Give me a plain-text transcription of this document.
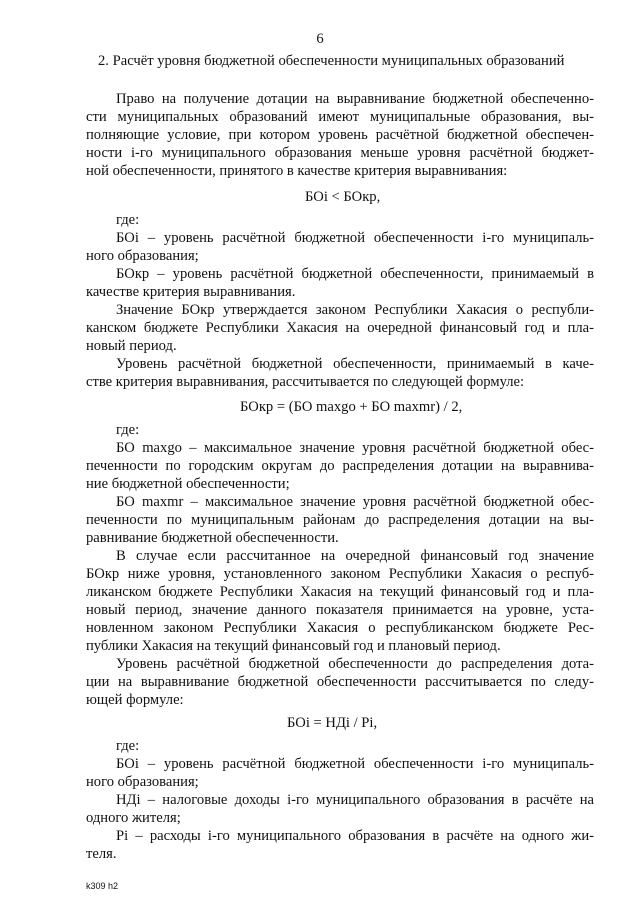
6
2. Расчёт уровня бюджетной обеспеченности муниципальных образований
Право на получение дотации на выравнивание бюджетной обеспеченно-
сти муниципальных образований имеют муниципальные образования, вы-
полняющие условие, при котором уровень расчётной бюджетной обеспечен-
ности i-го муниципального образования меньше уровня расчётной бюджет-
ной обеспеченности, принятого в качестве критерия выравнивания:
БОi < БОкр,
где:
БОi – уровень расчётной бюджетной обеспеченности i-го муниципаль-
ного образования;
БОкр – уровень расчётной бюджетной обеспеченности, принимаемый в
качестве критерия выравнивания.
Значение БОкр утверждается законом Республики Хакасия о республи-
канском бюджете Республики Хакасия на очередной финансовый год и пла-
новый период.
Уровень расчётной бюджетной обеспеченности, принимаемый в каче-
стве критерия выравнивания, рассчитывается по следующей формуле:
БОкр = (БО maxgo + БО maxmr) / 2,
где:
БО maxgo – максимальное значение уровня расчётной бюджетной обес-
печенности по городским округам до распределения дотации на выравнива-
ние бюджетной обеспеченности;
БО maxmr – максимальное значение уровня расчётной бюджетной обес-
печенности по муниципальным районам до распределения дотации на вы-
равнивание бюджетной обеспеченности.
В случае если рассчитанное на очередной финансовый год значение
БОкр ниже уровня, установленного законом Республики Хакасия о респуб-
ликанском бюджете Республики Хакасия на текущий финансовый год и пла-
новый период, значение данного показателя принимается на уровне, уста-
новленном законом Республики Хакасия о республиканском бюджете Рес-
публики Хакасия на текущий финансовый год и плановый период.
Уровень расчётной бюджетной обеспеченности до распределения дота-
ции на выравнивание бюджетной обеспеченности рассчитывается по следу-
ющей формуле:
БОi = НДi / Pi,
где:
БОi – уровень расчётной бюджетной обеспеченности i-го муниципаль-
ного образования;
НДi – налоговые доходы i-го муниципального образования в расчёте на
одного жителя;
Pi – расходы i-го муниципального образования в расчёте на одного жи-
теля.
k309 h2
